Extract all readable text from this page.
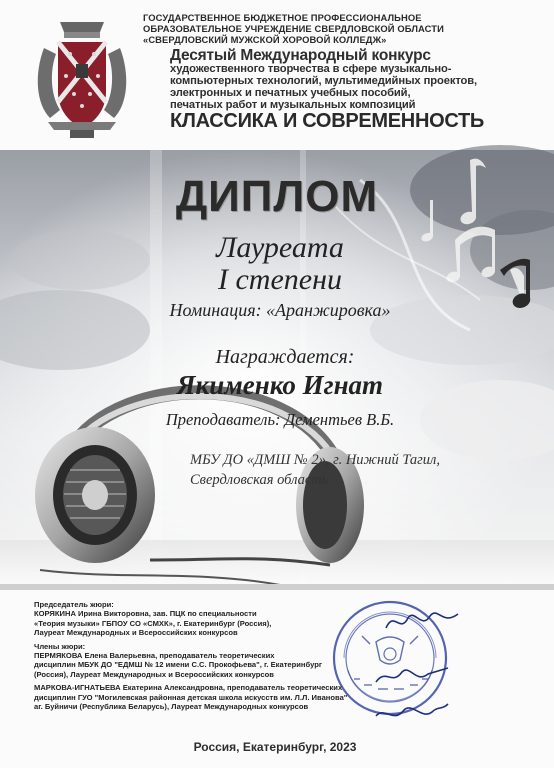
ГОСУДАРСТВЕННОЕ БЮДЖЕТНОЕ ПРОФЕССИОНАЛЬНОЕ
ОБРАЗОВАТЕЛЬНОЕ УЧРЕЖДЕНИЕ СВЕРДЛОВСКОЙ ОБЛАСТИ
«СВЕРДЛОВСКИЙ МУЖСКОЙ ХОРОВОЙ КОЛЛЕДЖ»
Десятый Международный конкурс
художественного творчества в сфере музыкально-
компьютерных технологий, мультимедийных проектов,
электронных и печатных учебных пособий,
печатных работ и музыкальных композиций
КЛАССИКА И СОВРЕМЕННОСТЬ
ДИПЛОМ
Лауреата
I степени
Номинация: «Аранжировка»
Награждается:
Якименко Игнат
Преподаватель: Дементьев В.Б.
МБУ ДО «ДМШ № 2», г. Нижний Тагил,
Свердловская область
Председатель жюри:
КОРЯКИНА Ирина Викторовна, зав. ПЦК по специальности
«Теория музыки» ГБПОУ СО «СМХК», г. Екатеринбург (Россия),
Лауреат Международных и Всероссийских конкурсов
Члены жюри:
ПЕРМЯКОВА Елена Валерьевна, преподаватель теоретических
дисциплин МБУК ДО "ЕДМШ № 12 имени С.С. Прокофьева", г. Екатеринбург
(Россия), Лауреат Международных и Всероссийских конкурсов
МАРКОВА-ИГНАТЬЕВА Екатерина Александровна, преподаватель теоретических
дисциплин ГУО "Могилевская районная детская школа искусств им. Л.Л. Иванова"
аг. Буйничи (Республика Беларусь), Лауреат Международных конкурсов
Россия, Екатеринбург, 2023
